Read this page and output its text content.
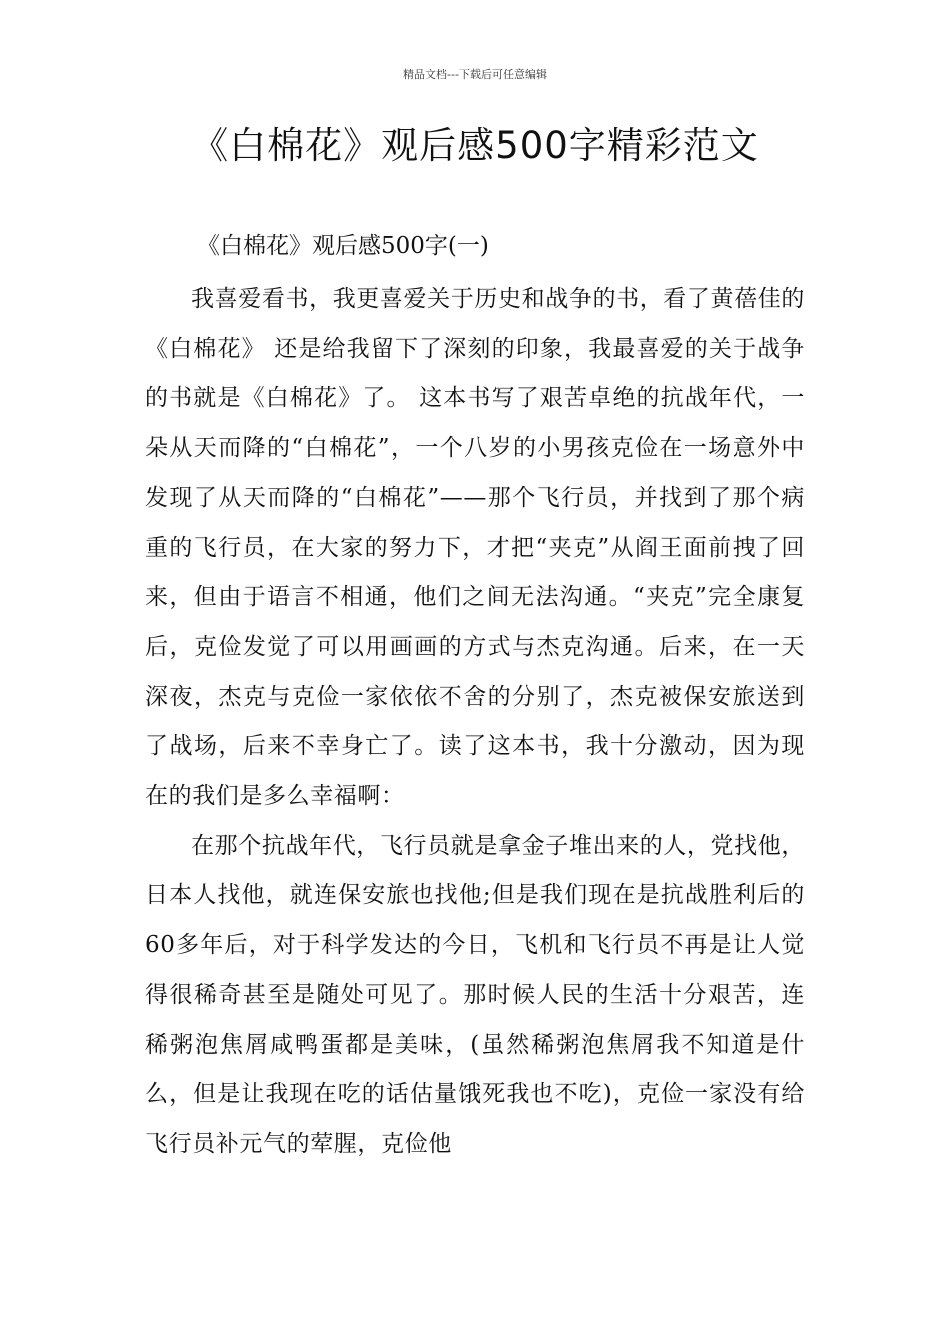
精品文档---下载后可任意编辑
《白棉花》观后感500字精彩范文
《白棉花》观后感500字(一)

我喜爱看书，我更喜爱关于历史和战争的书，看了黄蓓佳的《白棉花》 还是给我留下了深刻的印象，我最喜爱的关于战争的书就是《白棉花》了。 这本书写了艰苦卓绝的抗战年代，一朵从天而降的“白棉花”，一个八岁的小男孩克俭在一场意外中发现了从天而降的“白棉花”——那个飞行员，并找到了那个病重的飞行员，在大家的努力下，才把“夹克”从阎王面前拽了回来，但由于语言不相通，他们之间无法沟通。“夹克”完全康复后，克俭发觉了可以用画画的方式与杰克沟通。后来，在一天深夜，杰克与克俭一家依依不舍的分别了，杰克被保安旅送到了战场，后来不幸身亡了。读了这本书，我十分激动，因为现在的我们是多么幸福啊：

在那个抗战年代，飞行员就是拿金子堆出来的人，党找他，日本人找他，就连保安旅也找他;但是我们现在是抗战胜利后的60多年后，对于科学发达的今日，飞机和飞行员不再是让人觉得很稀奇甚至是随处可见了。那时候人民的生活十分艰苦，连稀粥泡焦屑咸鸭蛋都是美味，(虽然稀粥泡焦屑我不知道是什么，但是让我现在吃的话估量饿死我也不吃)，克俭一家没有给飞行员补元气的荤腥，克俭他
